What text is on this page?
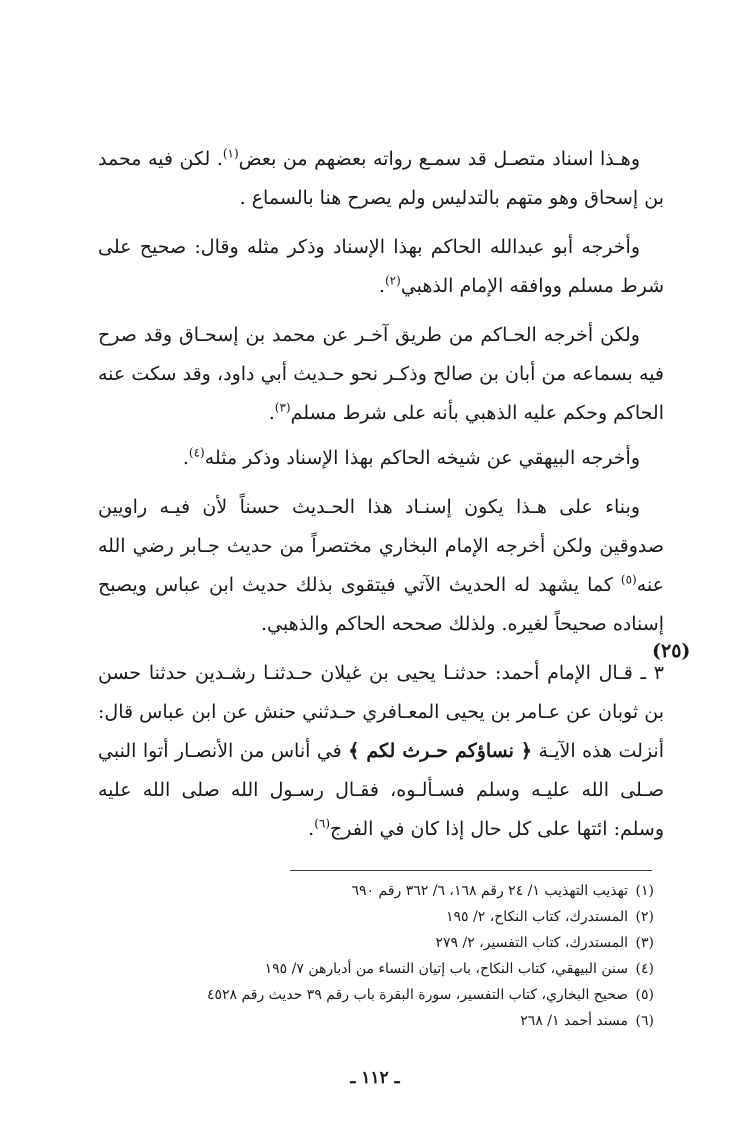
وهـذا اسناد متصـل قد سمـع رواته بعضهم من بعض$^{(١)}$. لكن فيه محمد بن إسحاق وهو متهم بالتدليس ولم يصرح هنا بالسماع .

وأخرجه أبو عبدالله الحاكم بهذا الإسناد وذكر مثله وقال: صحيح على شرط مسلم ووافقه الإمام الذهبي$^{(٢)}$.

ولكن أخرجه الحـاكم من طريق آخـر عن محمد بن إسحـاق وقد صرح فيه بسماعه من أبان بن صالح وذكـر نحو حـديث أبي داود، وقد سكت عنه الحاكم وحكم عليه الذهبي بأنه على شرط مسلم$^{(٣)}$.

وأخرجه البيهقي عن شيخه الحاكم بهذا الإسناد وذكر مثله$^{(٤)}$.

وبناء على هـذا يكون إسنـاد هذا الحـديث حسناً لأن فيـه راويين صدوقين ولكن أخرجه الإمام البخاري مختصراً من حديث جـابر رضي الله عنه$^{(٥)}$ كما يشهد له الحديث الآتي فيتقوى بذلك حديث ابن عباس ويصبح إسناده صحيحاً لغيره. ولذلك صححه الحاكم والذهبي.

٣ ـ قـال الإمام أحمد: حدثنـا يحيى بن غيلان حـدثنـا رشـدين حدثنا حسن بن ثوبان عن عـامر بن يحيى المعـافري حـدثني حنش عن ابن عباس قال: أنزلت هذه الآيـة ﴿ نساؤكم حـرث لكم ﴾ في أناس من الأنصـار أتوا النبي صـلى الله عليـه وسلم فسـألـوه، فقـال رسـول الله صلى الله عليه وسلم: ائتها على كل حال إذا كان في الفرج$^{(٦)}$.

(٢٥)

(١)تهذيب التهذيب ١/ ٢٤ رقم ١٦٨، ٦/ ٣٦٢ رقم ٦٩٠

(٢)المستدرك، كتاب النكاح، ٢/ ١٩٥

(٣)المستدرك، كتاب التفسير، ٢/ ٢٧٩

(٤)سنن البيهقي، كتاب النكاح، باب إتيان النساء من أدبارهن ٧/ ١٩٥

(٥)صحيح البخاري، كتاب التفسير، سورة البقرة باب رقم ٣٩ حديث رقم ٤٥٢٨

(٦)مسند أحمد ١/ ٢٦٨

ـ ١١٢ ـ
